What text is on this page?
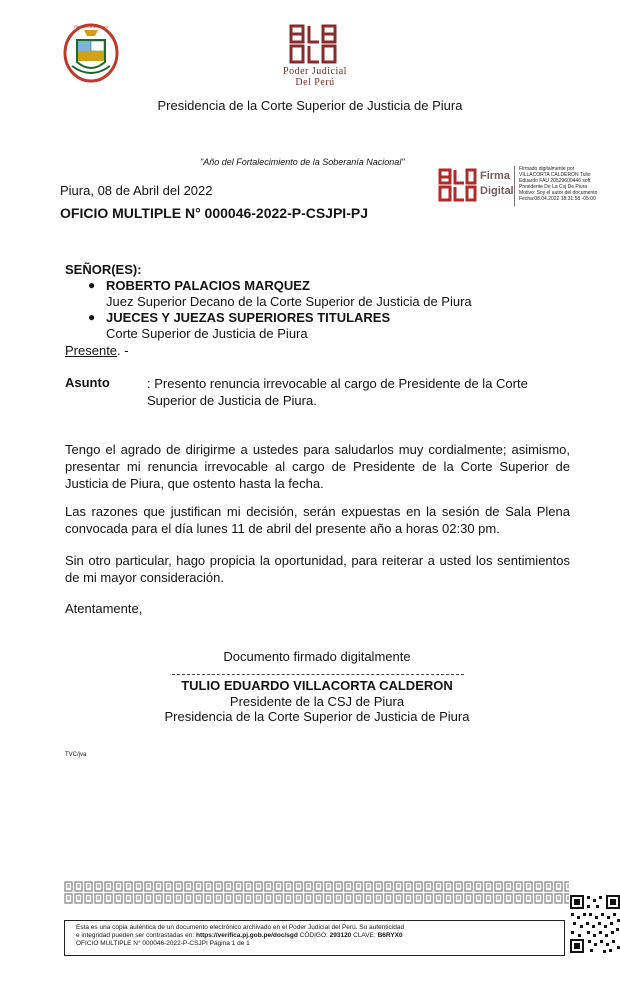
República del Perú
Poder Judicial
Del Perú
Presidencia de la Corte Superior de Justicia de Piura
"Año del Fortalecimiento de la Soberanía Nacional"
Piura, 08 de Abril del 2022
OFICIO MULTIPLE N° 000046-2022-P-CSJPI-PJ
Firma
Digital
Firmado digitalmente por
VILLACORTA CALDERON Tulio
Eduardo FAU 20529600446 soft
Presidente De La Csj De Piura
Motivo: Soy el autor del documento
Fecha:08.04.2022 18:31:58 -05:00
SEÑOR(ES):
● ROBERTO PALACIOS MARQUEZ
Juez Superior Decano de la Corte Superior de Justicia de Piura
● JUECES Y JUEZAS SUPERIORES TITULARES
Corte Superior de Justicia de Piura
Presente. -
Asunto	: Presento renuncia irrevocable al cargo de Presidente de la Corte Superior de Justicia de Piura.
Tengo el agrado de dirigirme a ustedes para saludarlos muy cordialmente; asimismo, presentar mi renuncia irrevocable al cargo de Presidente de la Corte Superior de Justicia de Piura, que ostento hasta la fecha.
Las razones que justifican mi decisión, serán expuestas en la sesión de Sala Plena convocada para el día lunes 11 de abril del presente año a horas 02:30 pm.
Sin otro particular, hago propicia la oportunidad, para reiterar a usted los sentimientos de mi mayor consideración.
Atentamente,
Documento firmado digitalmente
TULIO EDUARDO VILLACORTA CALDERON
Presidente de la CSJ de Piura
Presidencia de la Corte Superior de Justicia de Piura
TVC/jva
Esta es una copia auténtica de un documento electrónico archivado en el Poder Judicial del Perú. Su autenticidad
e integridad pueden ser contrastadas en: https://verifica.pj.gob.pe/doc/sgd CÓDIGO: 293120 CLAVE: B6RYX0
OFICIO MULTIPLE N° 000046-2022-P-CSJPI Página 1 de 1
